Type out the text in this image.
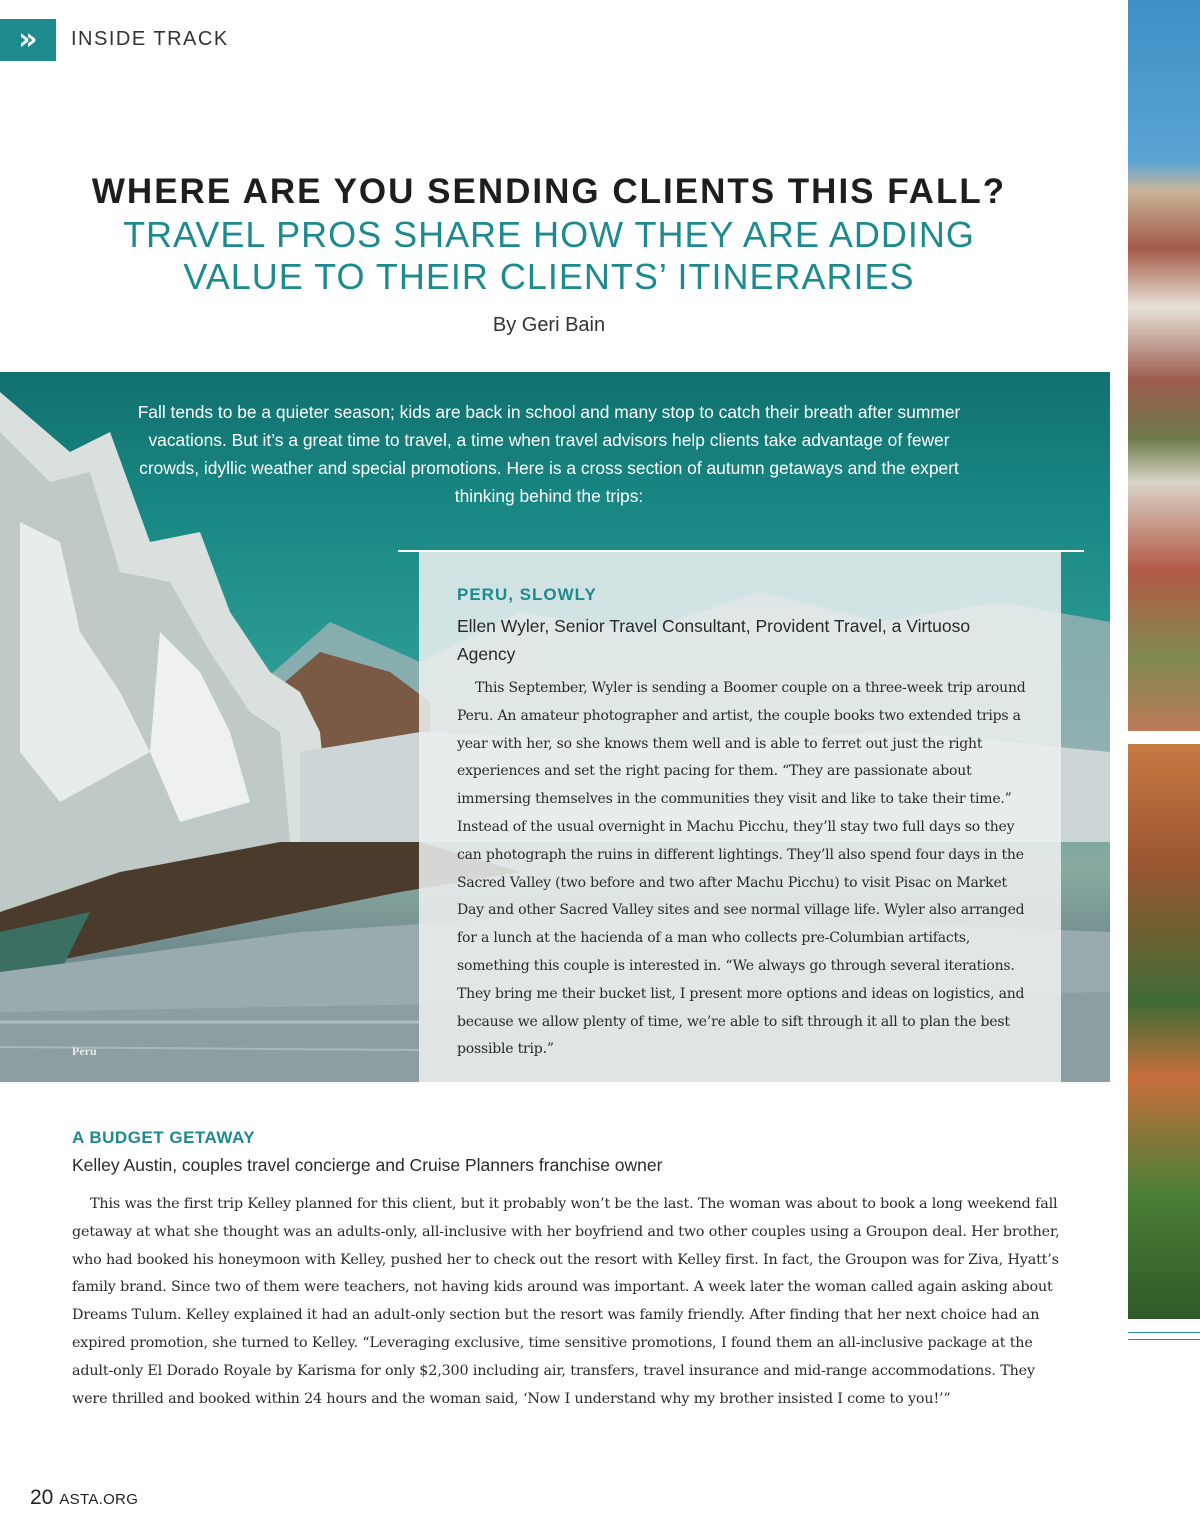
»	INSIDE TRACK
WHERE ARE YOU SENDING CLIENTS THIS FALL?
TRAVEL PROS SHARE HOW THEY ARE ADDING
VALUE TO THEIR CLIENTS’ ITINERARIES
By Geri Bain
Fall tends to be a quieter season; kids are back in school and many stop to catch their breath after summer vacations. But it’s a great time to travel, a time when travel advisors help clients take advantage of fewer crowds, idyllic weather and special promotions. Here is a cross section of autumn getaways and the expert thinking behind the trips:
Peru
PERU, SLOWLY
Ellen Wyler, Senior Travel Consultant, Provident Travel, a Virtuoso Agency

This September, Wyler is sending a Boomer couple on a three-week trip around Peru. An amateur photographer and artist, the couple books two extended trips a year with her, so she knows them well and is able to ferret out just the right experiences and set the right pacing for them. “They are passionate about immersing themselves in the communities they visit and like to take their time.” Instead of the usual overnight in Machu Picchu, they’ll stay two full days so they can photograph the ruins in different lightings. They’ll also spend four days in the Sacred Valley (two before and two after Machu Picchu) to visit Pisac on Market Day and other Sacred Valley sites and see normal village life. Wyler also arranged for a lunch at the hacienda of a man who collects pre-Columbian artifacts, something this couple is interested in. “We always go through several iterations. They bring me their bucket list, I present more options and ideas on logistics, and because we allow plenty of time, we’re able to sift through it all to plan the best possible trip.”

A BUDGET GETAWAY
Kelley Austin, couples travel concierge and Cruise Planners franchise owner

This was the first trip Kelley planned for this client, but it probably won’t be the last. The woman was about to book a long weekend fall getaway at what she thought was an adults-only, all-inclusive with her boyfriend and two other couples using a Groupon deal. Her brother, who had booked his honeymoon with Kelley, pushed her to check out the resort with Kelley first. In fact, the Groupon was for Ziva, Hyatt’s family brand. Since two of them were teachers, not having kids around was important. A week later the woman called again asking about Dreams Tulum. Kelley explained it had an adult-only section but the resort was family friendly. After finding that her next choice had an expired promotion, she turned to Kelley. “Leveraging exclusive, time sensitive promotions, I found them an all-inclusive package at the adult-only El Dorado Royale by Karisma for only $2,300 including air, transfers, travel insurance and mid-range accommodations. They were thrilled and booked within 24 hours and the woman said, ‘Now I understand why my brother insisted I come to you!’”

20 ASTA.ORG
